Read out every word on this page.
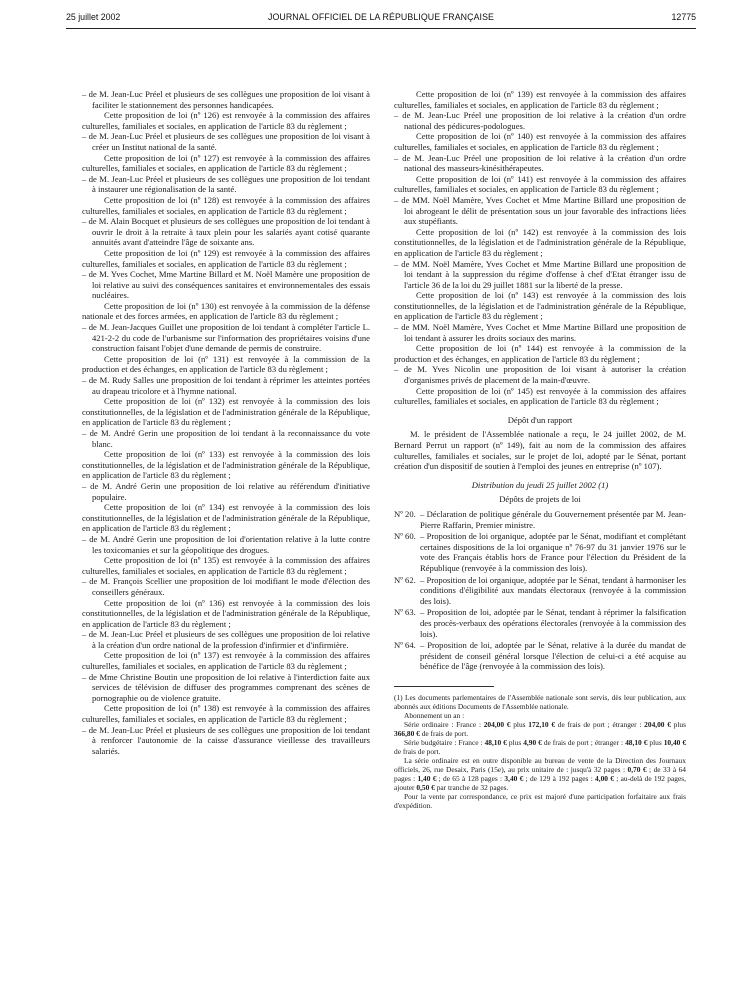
25 juillet 2002	JOURNAL OFFICIEL DE LA RÉPUBLIQUE FRANÇAISE	12775
– de M. Jean-Luc Préel et plusieurs de ses collègues une proposition de loi visant à faciliter le stationnement des personnes handicapées.
Cette proposition de loi (nº 126) est renvoyée à la commission des affaires culturelles, familiales et sociales, en application de l'article 83 du règlement ;
– de M. Jean-Luc Préel et plusieurs de ses collègues une proposition de loi visant à créer un Institut national de la santé.
Cette proposition de loi (nº 127) est renvoyée à la commission des affaires culturelles, familiales et sociales, en application de l'article 83 du règlement ;
– de M. Jean-Luc Préel et plusieurs de ses collègues une proposition de loi tendant à instaurer une régionalisation de la santé.
Cette proposition de loi (nº 128) est renvoyée à la commission des affaires culturelles, familiales et sociales, en application de l'article 83 du règlement ;
– de M. Alain Bocquet et plusieurs de ses collègues une proposition de loi tendant à ouvrir le droit à la retraite à taux plein pour les salariés ayant cotisé quarante annuités avant d'atteindre l'âge de soixante ans.
Cette proposition de loi (nº 129) est renvoyée à la commission des affaires culturelles, familiales et sociales, en application de l'article 83 du règlement ;
– de M. Yves Cochet, Mme Martine Billard et M. Noël Mamère une proposition de loi relative au suivi des conséquences sanitaires et environnementales des essais nucléaires.
Cette proposition de loi (nº 130) est renvoyée à la commission de la défense nationale et des forces armées, en application de l'article 83 du règlement ;
– de M. Jean-Jacques Guillet une proposition de loi tendant à compléter l'article L. 421-2-2 du code de l'urbanisme sur l'information des propriétaires voisins d'une construction faisant l'objet d'une demande de permis de construire.
Cette proposition de loi (nº 131) est renvoyée à la commission de la production et des échanges, en application de l'article 83 du règlement ;
– de M. Rudy Salles une proposition de loi tendant à réprimer les atteintes portées au drapeau tricolore et à l'hymne national.
Cette proposition de loi (nº 132) est renvoyée à la commission des lois constitutionnelles, de la législation et de l'administration générale de la République, en application de l'article 83 du règlement ;
– de M. André Gerin une proposition de loi tendant à la reconnaissance du vote blanc.
Cette proposition de loi (nº 133) est renvoyée à la commission des lois constitutionnelles, de la législation et de l'administration générale de la République, en application de l'article 83 du règlement ;
– de M. André Gerin une proposition de loi relative au référendum d'initiative populaire.
Cette proposition de loi (nº 134) est renvoyée à la commission des lois constitutionnelles, de la législation et de l'administration générale de la République, en application de l'article 83 du règlement ;
– de M. André Gerin une proposition de loi d'orientation relative à la lutte contre les toxicomanies et sur la géopolitique des drogues.
Cette proposition de loi (nº 135) est renvoyée à la commission des affaires culturelles, familiales et sociales, en application de l'article 83 du règlement ;
– de M. François Scellier une proposition de loi modifiant le mode d'élection des conseillers généraux.
Cette proposition de loi (nº 136) est renvoyée à la commission des lois constitutionnelles, de la législation et de l'administration générale de la République, en application de l'article 83 du règlement ;
– de M. Jean-Luc Préel et plusieurs de ses collègues une proposition de loi relative à la création d'un ordre national de la profession d'infirmier et d'infirmière.
Cette proposition de loi (nº 137) est renvoyée à la commission des affaires culturelles, familiales et sociales, en application de l'article 83 du règlement ;
– de Mme Christine Boutin une proposition de loi relative à l'interdiction faite aux services de télévision de diffuser des programmes comprenant des scènes de pornographie ou de violence gratuite.
Cette proposition de loi (nº 138) est renvoyée à la commission des affaires culturelles, familiales et sociales, en application de l'article 83 du règlement ;
– de M. Jean-Luc Préel et plusieurs de ses collègues une proposition de loi tendant à renforcer l'autonomie de la caisse d'assurance vieillesse des travailleurs salariés.
Cette proposition de loi (nº 139) est renvoyée à la commission des affaires culturelles, familiales et sociales, en application de l'article 83 du règlement ;
– de M. Jean-Luc Préel une proposition de loi relative à la création d'un ordre national des pédicures-podologues.
Cette proposition de loi (nº 140) est renvoyée à la commission des affaires culturelles, familiales et sociales, en application de l'article 83 du règlement ;
– de M. Jean-Luc Préel une proposition de loi relative à la création d'un ordre national des masseurs-kinésithérapeutes.
Cette proposition de loi (nº 141) est renvoyée à la commission des affaires culturelles, familiales et sociales, en application de l'article 83 du règlement ;
– de MM. Noël Mamère, Yves Cochet et Mme Martine Billard une proposition de loi abrogeant le délit de présentation sous un jour favorable des infractions liées aux stupéfiants.
Cette proposition de loi (nº 142) est renvoyée à la commission des lois constitutionnelles, de la législation et de l'administration générale de la République, en application de l'article 83 du règlement ;
– de MM. Noël Mamère, Yves Cochet et Mme Martine Billard une proposition de loi tendant à la suppression du régime d'offense à chef d'Etat étranger issu de l'article 36 de la loi du 29 juillet 1881 sur la liberté de la presse.
Cette proposition de loi (nº 143) est renvoyée à la commission des lois constitutionnelles, de la législation et de l'administration générale de la République, en application de l'article 83 du règlement ;
– de MM. Noël Mamère, Yves Cochet et Mme Martine Billard une proposition de loi tendant à assurer les droits sociaux des marins.
Cette proposition de loi (nº 144) est renvoyée à la commission de la production et des échanges, en application de l'article 83 du règlement ;
– de M. Yves Nicolin une proposition de loi visant à autoriser la création d'organismes privés de placement de la main-d'œuvre.
Cette proposition de loi (nº 145) est renvoyée à la commission des affaires culturelles, familiales et sociales, en application de l'article 83 du règlement ;
Dépôt d'un rapport

M. le président de l'Assemblée nationale a reçu, le 24 juillet 2002, de M. Bernard Perrut un rapport (nº 149), fait au nom de la commission des affaires culturelles, familiales et sociales, sur le projet de loi, adopté par le Sénat, portant création d'un dispositif de soutien à l'emploi des jeunes en entreprise (nº 107).

Distribution du jeudi 25 juillet 2002 (1)
Dépôts de projets de loi
Nº 20. – Déclaration de politique générale du Gouvernement présentée par M. Jean-Pierre Raffarin, Premier ministre.
Nº 60. – Proposition de loi organique, adoptée par le Sénat, modifiant et complétant certaines dispositions de la loi organique nº 76-97 du 31 janvier 1976 sur le vote des Français établis hors de France pour l'élection du Président de la République (renvoyée à la commission des lois).
Nº 62. – Proposition de loi organique, adoptée par le Sénat, tendant à harmoniser les conditions d'éligibilité aux mandats électoraux (renvoyée à la commission des lois).
Nº 63. – Proposition de loi, adoptée par le Sénat, tendant à réprimer la falsification des procès-verbaux des opérations électorales (renvoyée à la commission des lois).
Nº 64. – Proposition de loi, adoptée par le Sénat, relative à la durée du mandat de président de conseil général lorsque l'élection de celui-ci a été acquise au bénéfice de l'âge (renvoyée à la commission des lois).

(1) Les documents parlementaires de l'Assemblée nationale sont servis, dès leur publication, aux abonnés aux éditions Documents de l'Assemblée nationale.

Abonnement un an :

Série ordinaire : France : 204,00 € plus 172,10 € de frais de port ; étranger : 204,00 € plus 366,80 € de frais de port.

Série budgétaire : France : 48,10 € plus 4,90 € de frais de port ; étranger : 48,10 € plus 10,40 € de frais de port.

La série ordinaire est en outre disponible au bureau de vente de la Direction des Journaux officiels, 26, rue Desaix, Paris (15e), au prix unitaire de : jusqu'à 32 pages : 0,70 € ; de 33 à 64 pages : 1,40 € ; de 65 à 128 pages : 3,40 € ; de 129 à 192 pages : 4,00 € ; au-delà de 192 pages, ajouter 0,50 € par tranche de 32 pages.

Pour la vente par correspondance, ce prix est majoré d'une participation forfaitaire aux frais d'expédition.
